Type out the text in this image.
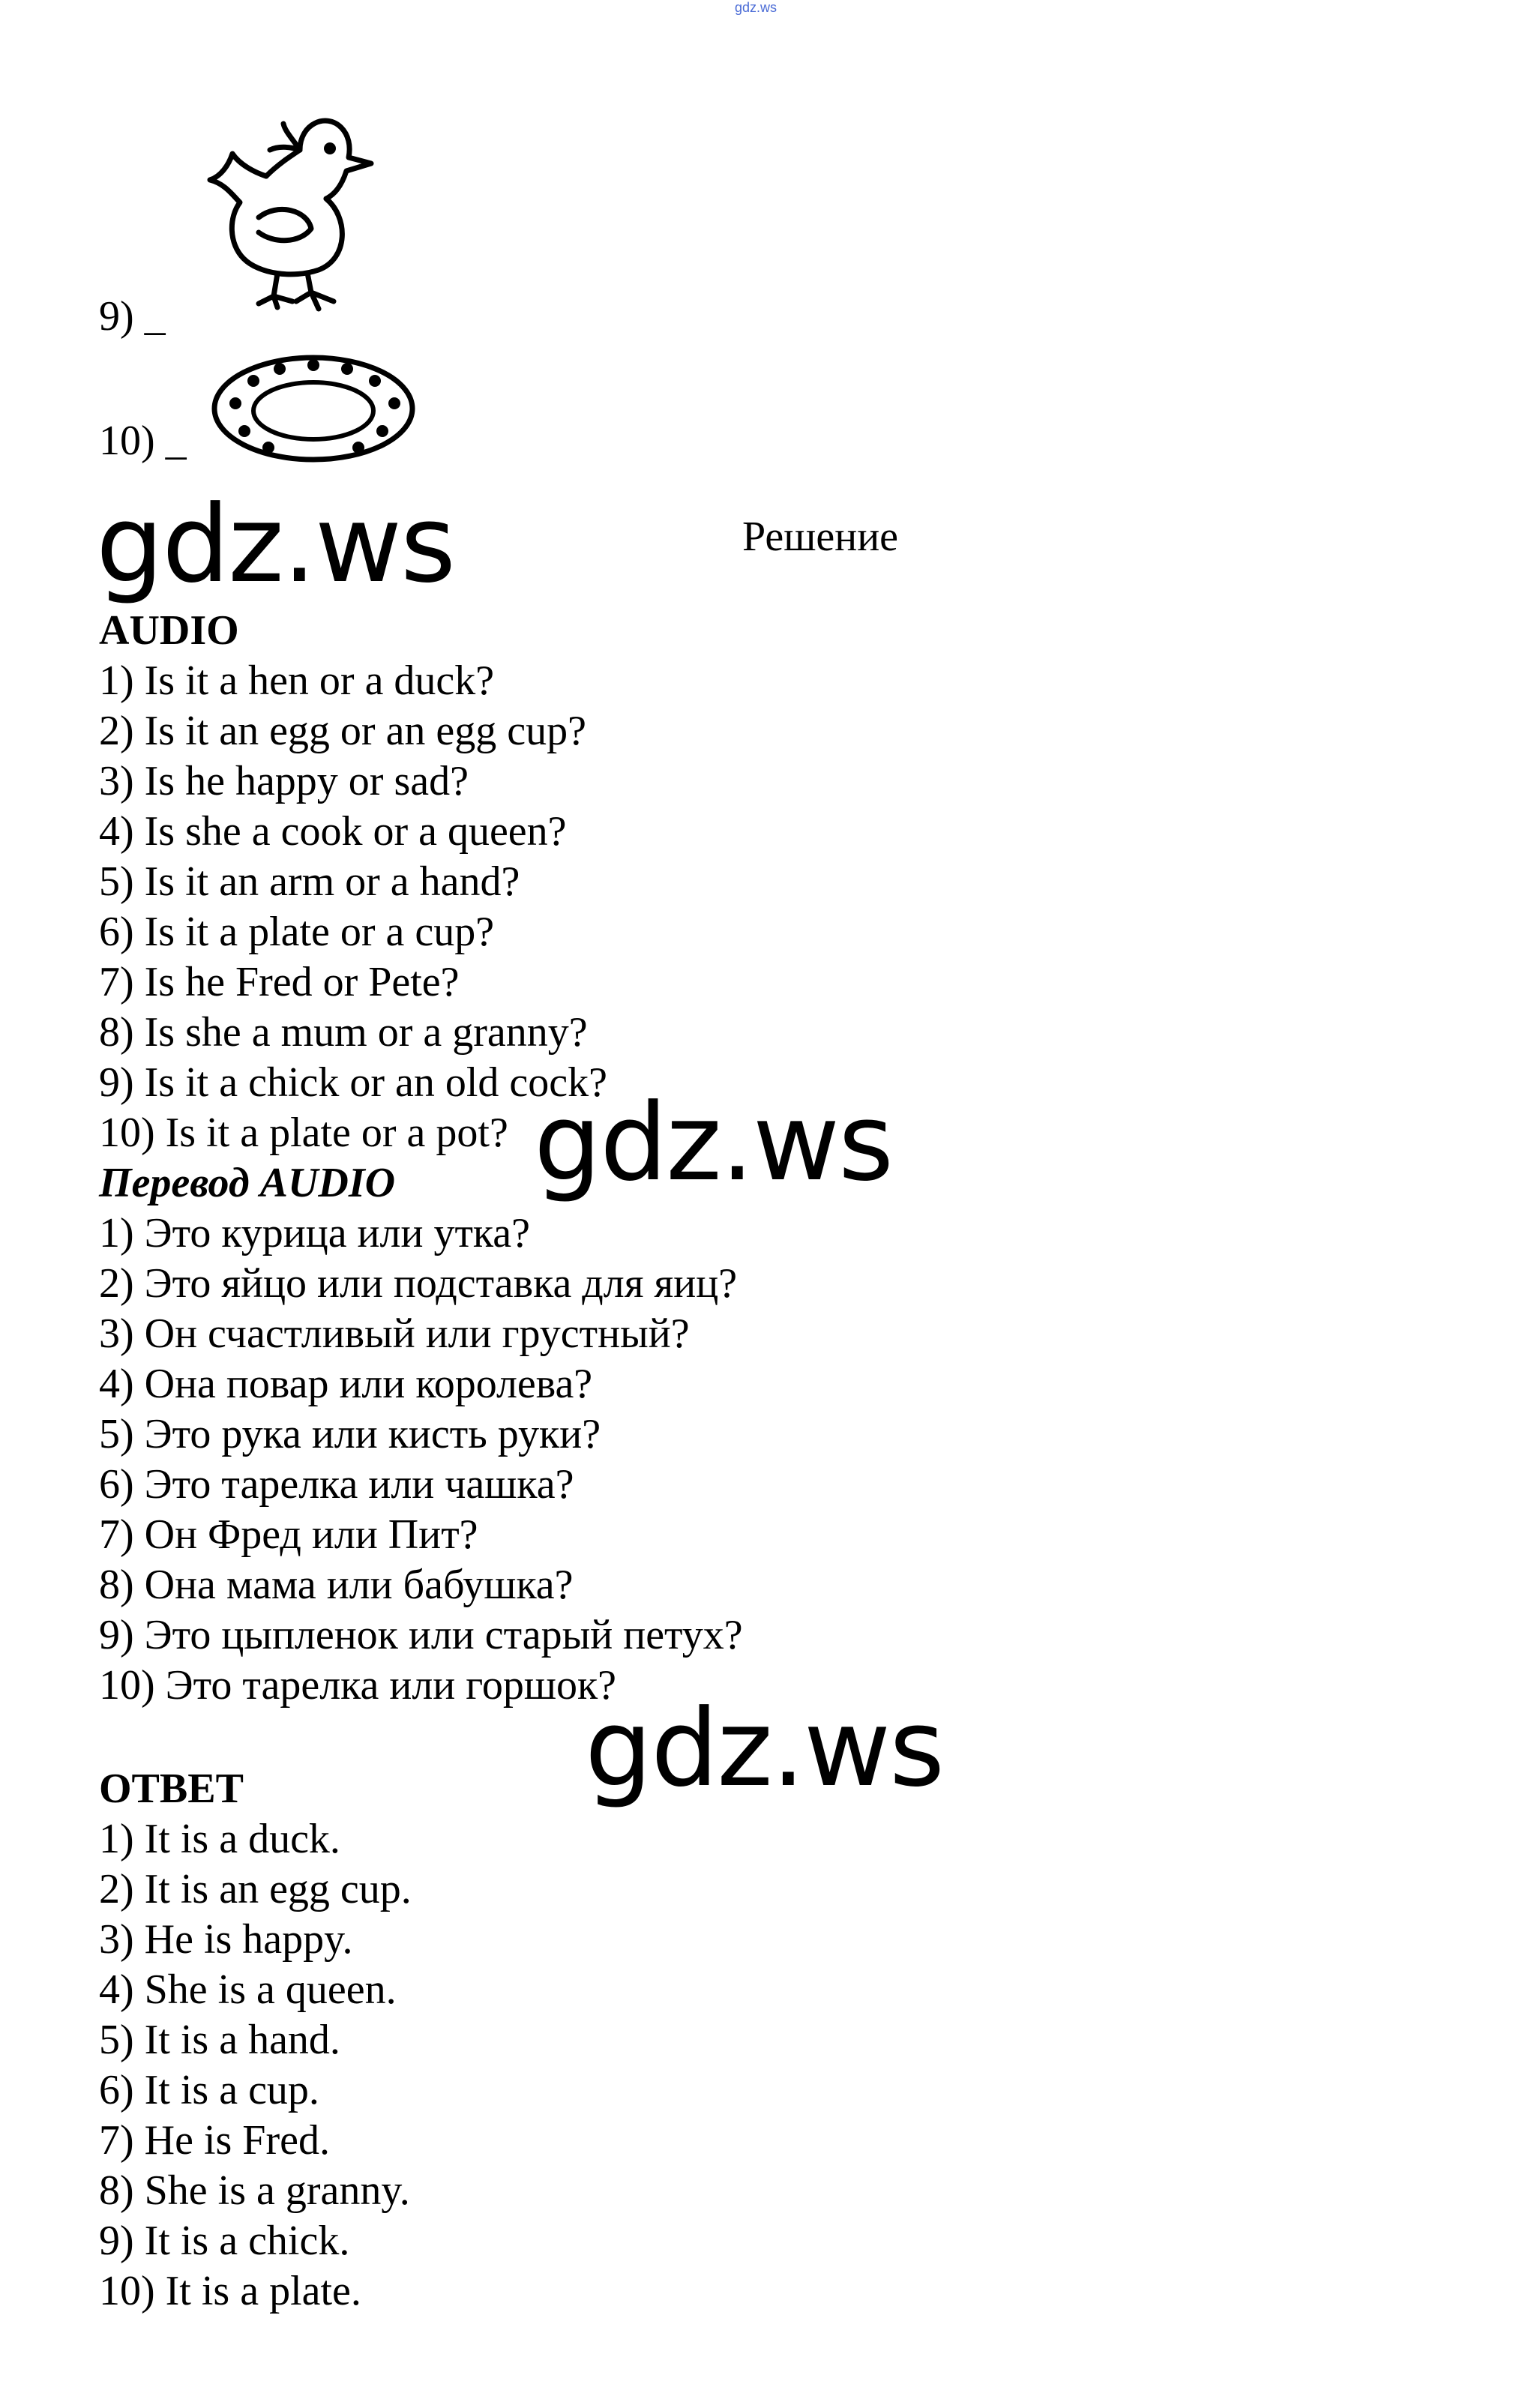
gdz.ws
9) _
10) _
gdz.ws	Решение
gdz.ws
gdz.ws
AUDIO
1) Is it a hen or a duck?
2) Is it an egg or an egg cup?
3) Is he happy or sad?
4) Is she a cook or a queen?
5) Is it an arm or a hand?
6) Is it a plate or a cup?
7) Is he Fred or Pete?
8) Is she a mum or a granny?
9) Is it a chick or an old cock?
10) Is it a plate or a pot?
Перевод AUDIO
1) Это курица или утка?
2) Это яйцо или подставка для яиц?
3) Он счастливый или грустный?
4) Она повар или королева?
5) Это рука или кисть руки?
6) Это тарелка или чашка?
7) Он Фред или Пит?
8) Она мама или бабушка?
9) Это цыпленок или старый петух?
10) Это тарелка или горшок?
ОТВЕТ
1) It is a duck.
2) It is an egg cup.
3) He is happy.
4) She is a queen.
5) It is a hand.
6) It is a cup.
7) He is Fred.
8) She is a granny.
9) It is a chick.
10) It is a plate.
